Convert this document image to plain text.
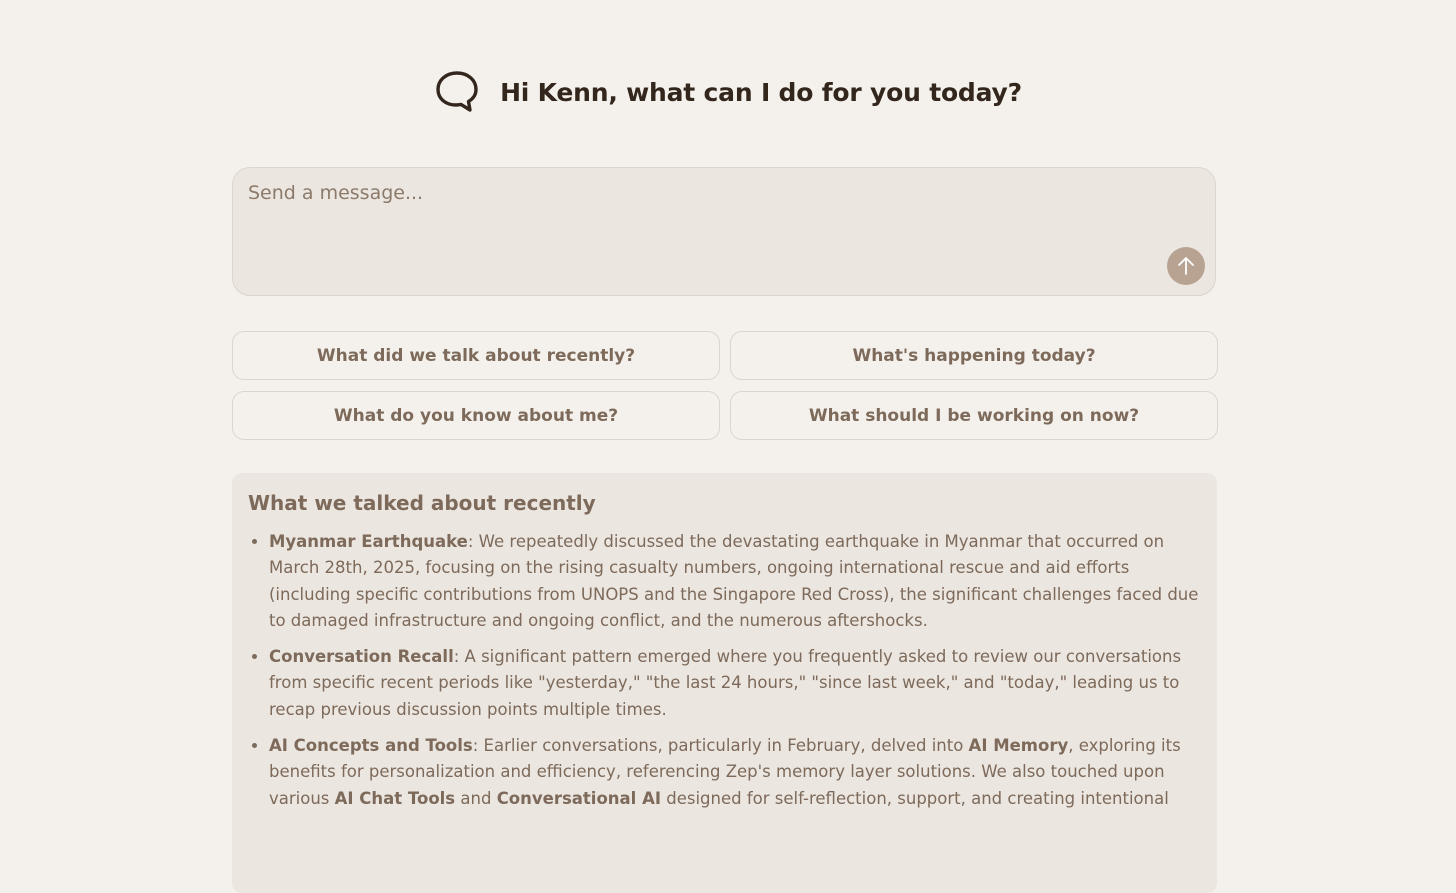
Hi Kenn, what can I do for you today?
Send a message...
What did we talk about recently?	What's happening today?
What do you know about me?	What should I be working on now?
What we talked about recently
• Myanmar Earthquake: We repeatedly discussed the devastating earthquake in Myanmar that occurred on March 28th, 2025, focusing on the rising casualty numbers, ongoing international rescue and aid efforts (including specific contributions from UNOPS and the Singapore Red Cross), the significant challenges faced due to damaged infrastructure and ongoing conflict, and the numerous aftershocks.
• Conversation Recall: A significant pattern emerged where you frequently asked to review our conversations from specific recent periods like "yesterday," "the last 24 hours," "since last week," and "today," leading us to recap previous discussion points multiple times.
• AI Concepts and Tools: Earlier conversations, particularly in February, delved into AI Memory, exploring its benefits for personalization and efficiency, referencing Zep's memory layer solutions. We also touched upon various AI Chat Tools and Conversational AI designed for self-reflection, support, and creating intentional
